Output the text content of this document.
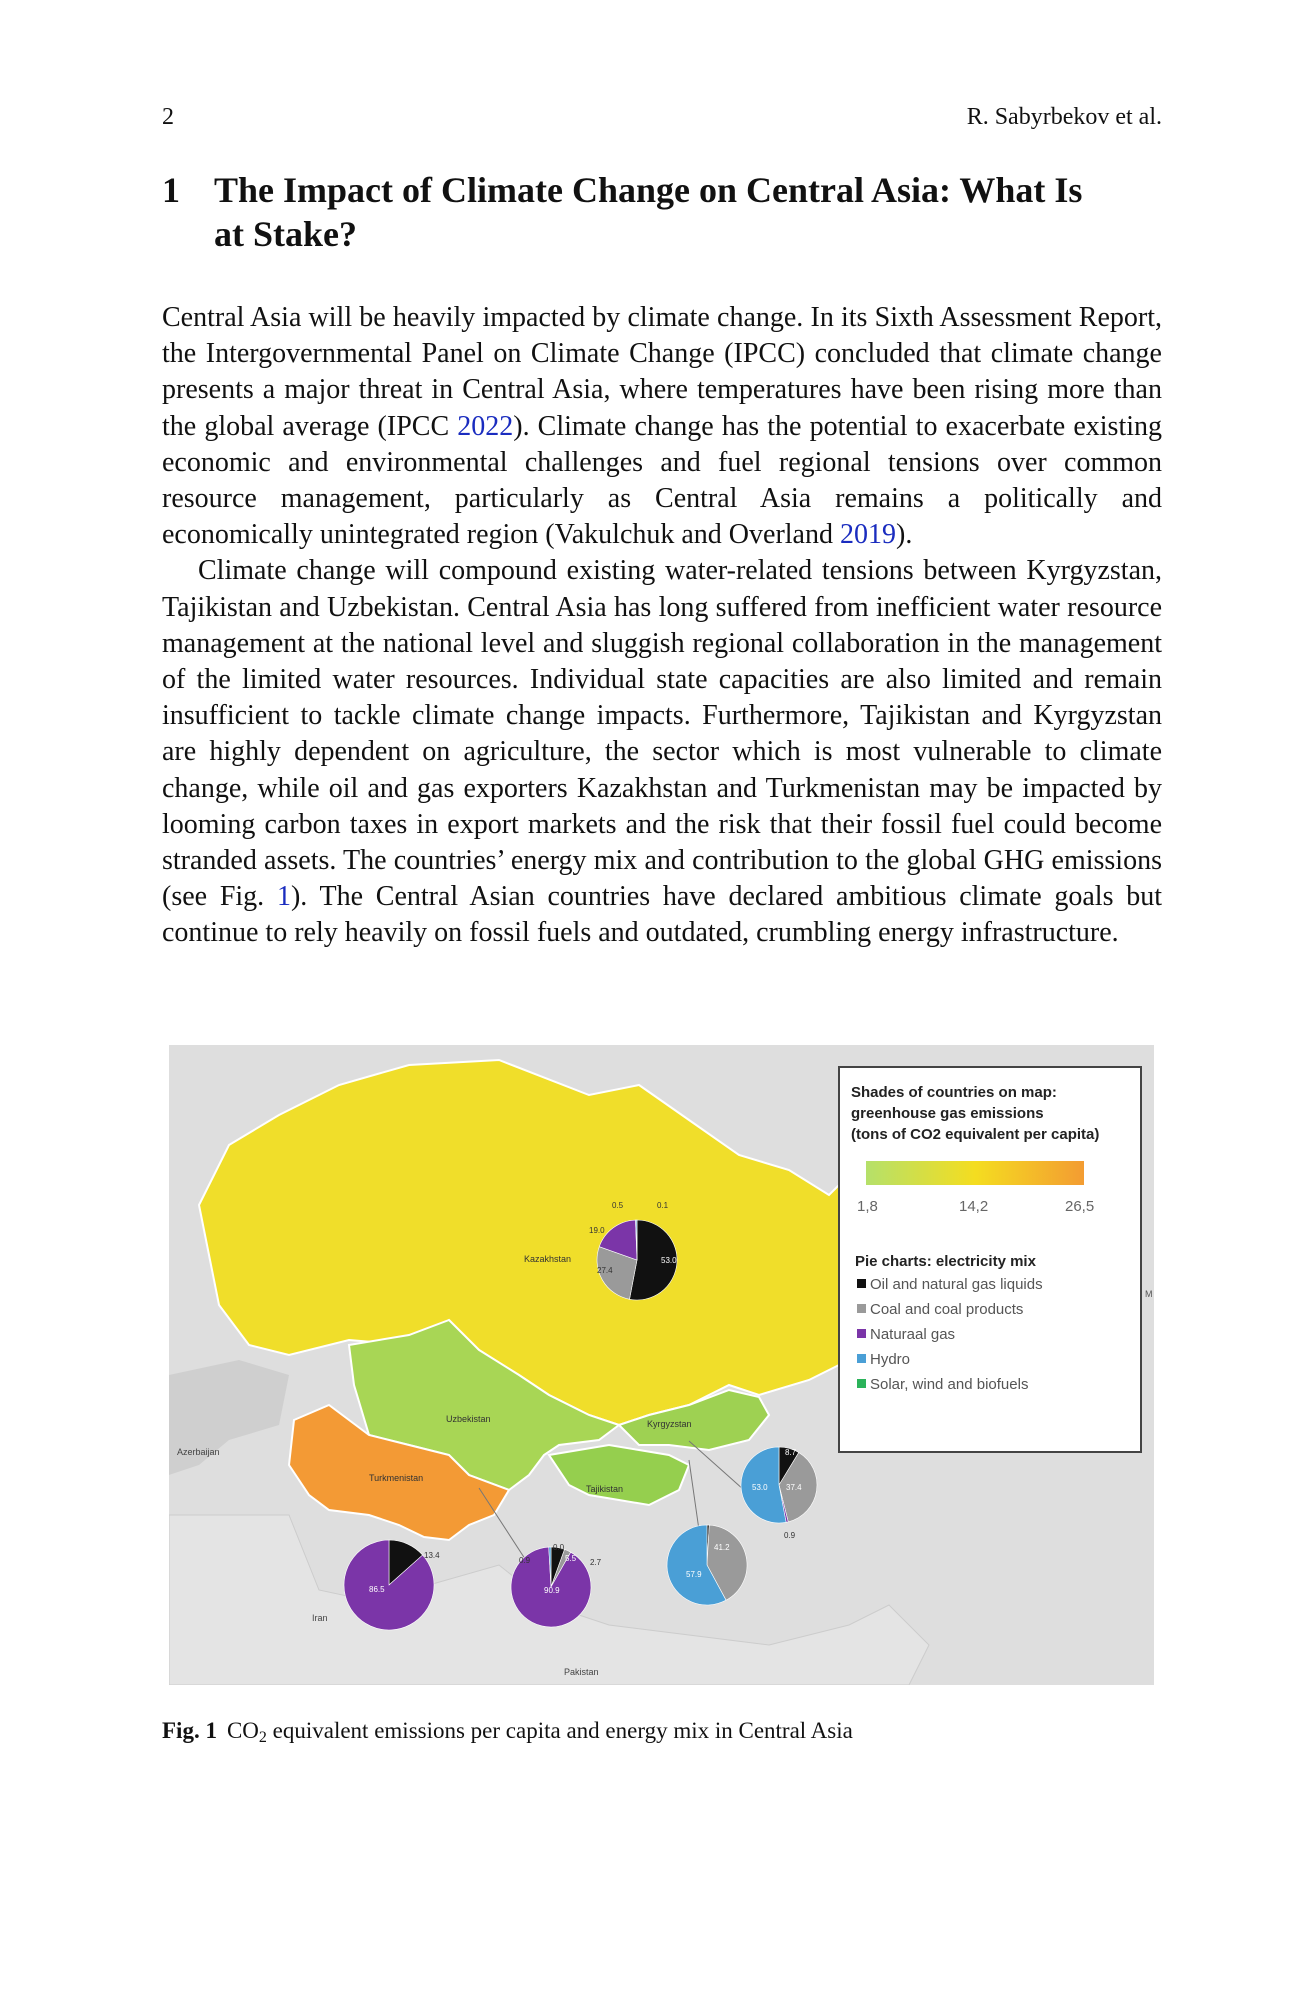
2	R. Sabyrbekov et al.
1 The Impact of Climate Change on Central Asia: What Is at Stake?

Central Asia will be heavily impacted by climate change. In its Sixth Assessment Report, the Intergovernmental Panel on Climate Change (IPCC) concluded that climate change presents a major threat in Central Asia, where temperatures have been rising more than the global average (IPCC 2022). Climate change has the potential to exacerbate existing economic and environmental challenges and fuel regional tensions over common resource management, particularly as Central Asia remains a politically and economically unintegrated region (Vakulchuk and Overland 2019).

Climate change will compound existing water-related tensions between Kyrgyzstan, Tajikistan and Uzbekistan. Central Asia has long suffered from inefficient water resource management at the national level and sluggish regional collaboration in the management of the limited water resources. Individual state capacities are also limited and remain insufficient to tackle climate change impacts. Furthermore, Tajikistan and Kyrgyzstan are highly dependent on agriculture, the sector which is most vulnerable to climate change, while oil and gas exporters Kazakhstan and Turkmenistan may be impacted by looming carbon taxes in export markets and the risk that their fossil fuel could become stranded assets. The countries’ energy mix and contribution to the global GHG emissions (see Fig. 1). The Central Asian countries have declared ambitious climate goals but continue to rely heavily on fossil fuels and outdated, crumbling energy infrastructure.

Kazakhstan
Uzbekistan	Kyrgyzstan
Tajikistan
Turkmenistan
Azerbaijan
Iran
Pakistan
M
53.0
27.4
19.0
0.5	0.1
13.4
86.5
5.5 2.7
90.9
0.9
0.0	41.2
57.9
8.7
37.4
0.9
53.0
Shades of countries on map:
greenhouse gas emissions
(tons of CO2 equivalent per capita)
1,8	14,2	26,5
Pie charts: electricity mix
Oil and natural gas liquids
Coal and coal products
Naturaal gas
Hydro
Solar, wind and biofuels
Fig. 1 $CO_2$ equivalent emissions per capita and energy mix in Central Asia
